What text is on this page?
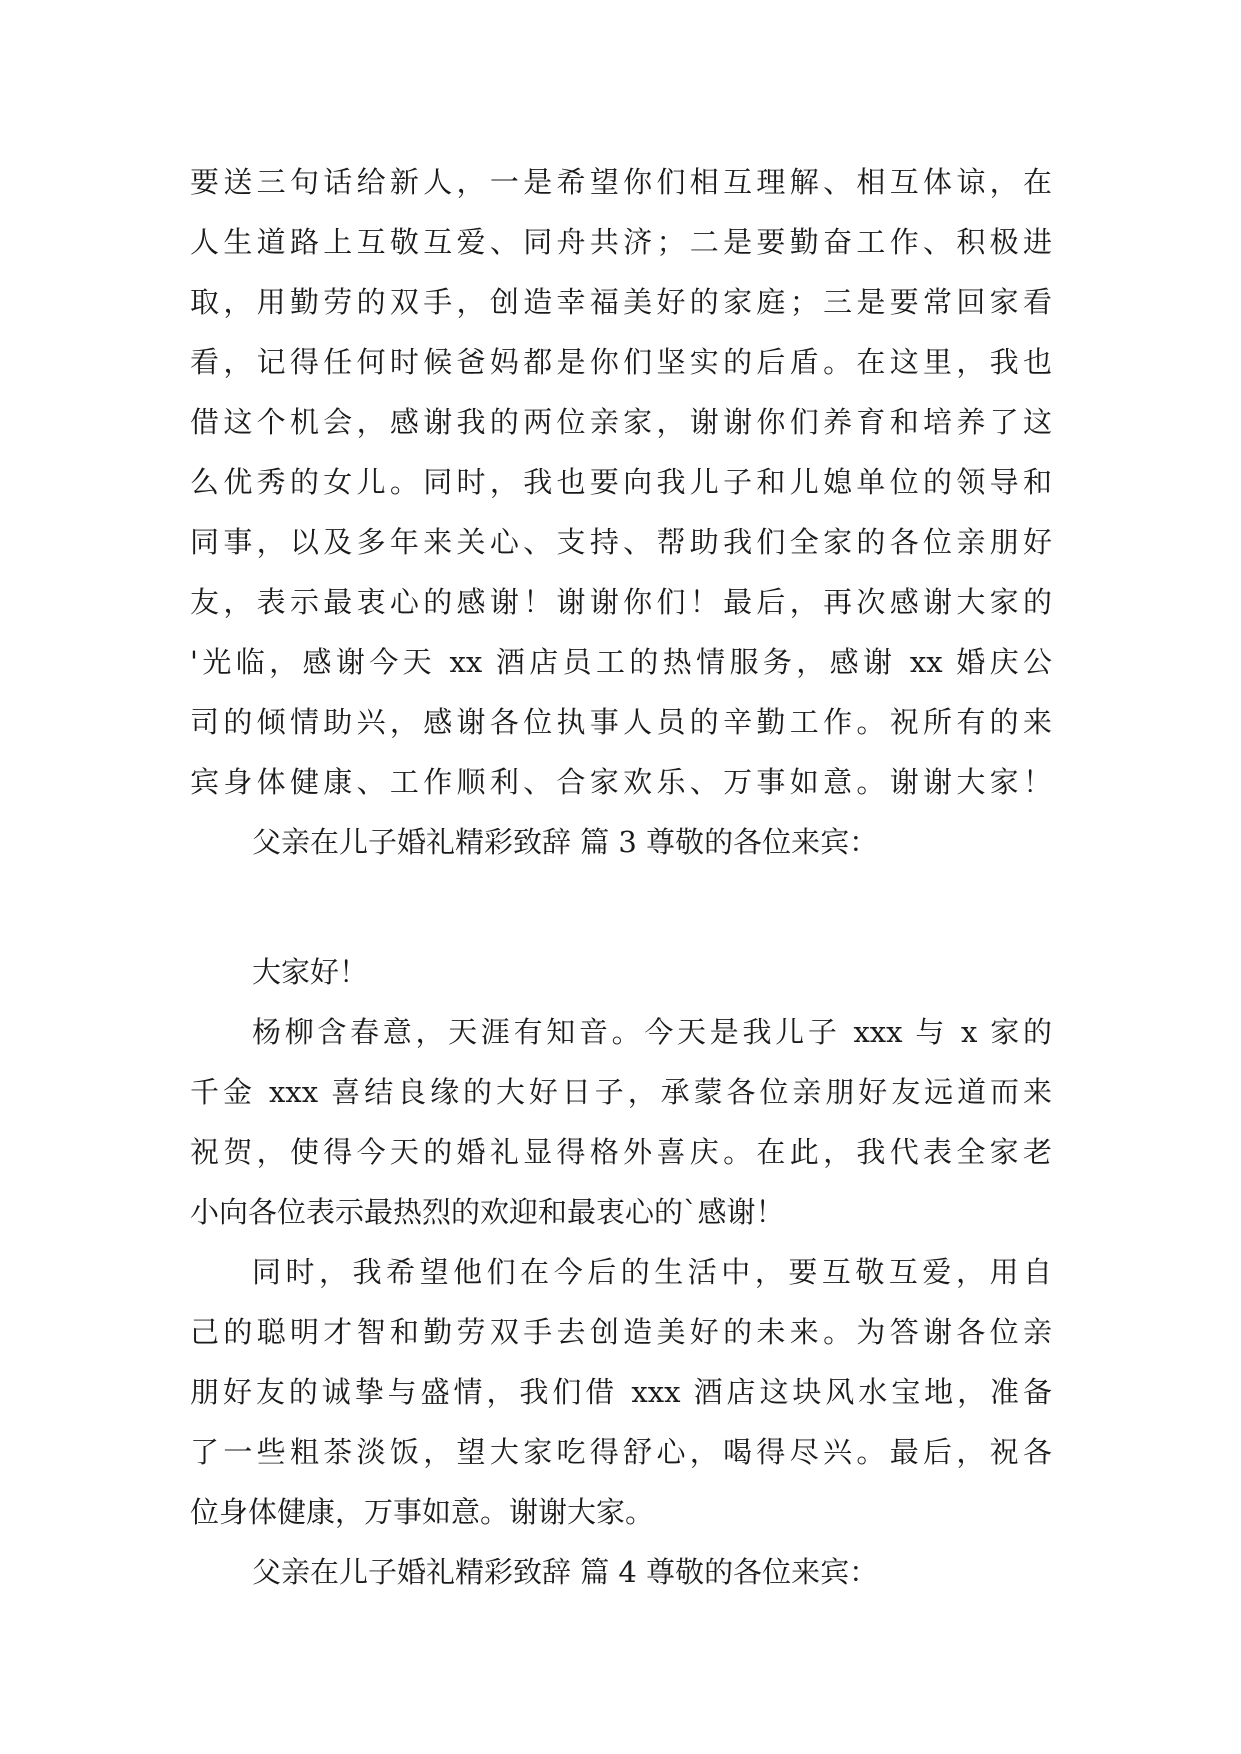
要送三句话给新人，一是希望你们相互理解、相互体谅，在
人生道路上互敬互爱、同舟共济；二是要勤奋工作、积极进
取，用勤劳的双手，创造幸福美好的家庭；三是要常回家看
看，记得任何时候爸妈都是你们坚实的后盾。在这里，我也
借这个机会，感谢我的两位亲家，谢谢你们养育和培养了这
么优秀的女儿。同时，我也要向我儿子和儿媳单位的领导和
同事，以及多年来关心、支持、帮助我们全家的各位亲朋好
友，表示最衷心的感谢！谢谢你们！最后，再次感谢大家的
'光临，感谢今天 xx 酒店员工的热情服务，感谢 xx 婚庆公
司的倾情助兴，感谢各位执事人员的辛勤工作。祝所有的来
宾身体健康、工作顺利、合家欢乐、万事如意。谢谢大家！
父亲在儿子婚礼精彩致辞 篇 3 尊敬的各位来宾：
大家好！
杨柳含春意，天涯有知音。今天是我儿子 xxx 与 x 家的
千金 xxx 喜结良缘的大好日子，承蒙各位亲朋好友远道而来
祝贺，使得今天的婚礼显得格外喜庆。在此，我代表全家老
小向各位表示最热烈的欢迎和最衷心的`感谢！
同时，我希望他们在今后的生活中，要互敬互爱，用自
己的聪明才智和勤劳双手去创造美好的未来。为答谢各位亲
朋好友的诚挚与盛情，我们借 xxx 酒店这块风水宝地，准备
了一些粗茶淡饭，望大家吃得舒心，喝得尽兴。最后，祝各
位身体健康，万事如意。谢谢大家。
父亲在儿子婚礼精彩致辞 篇 4 尊敬的各位来宾：
